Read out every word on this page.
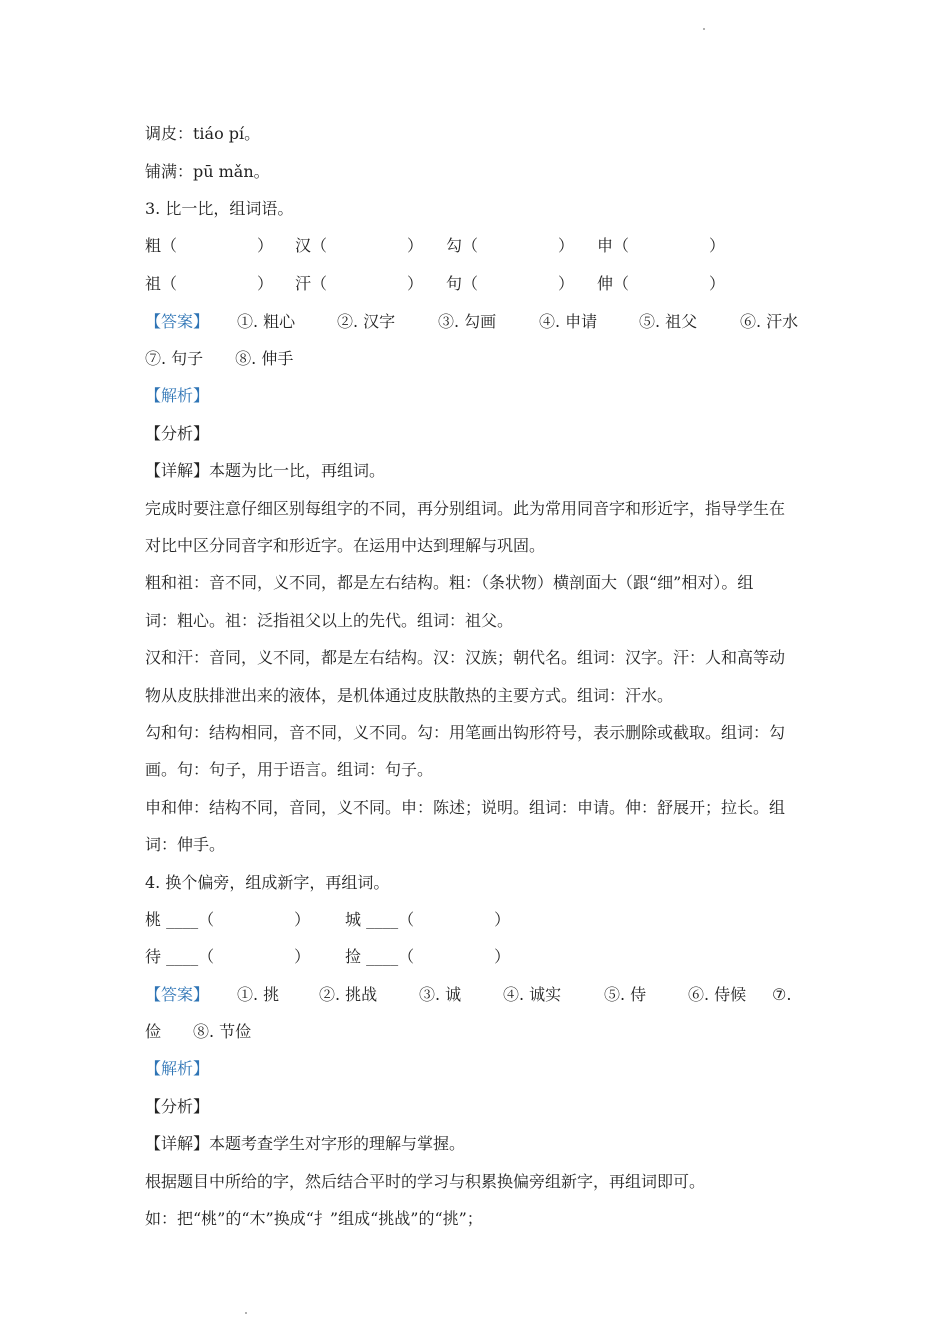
调皮：tiáo pí。
铺满：pū mǎn。
3. 比一比，组词语。
粗（　　　　　） 汉（　　　　　） 勾（　　　　　） 申（　　　　　）
祖（　　　　　） 汗（　　　　　） 句（　　　　　） 伸（　　　　　）
【答案】 ①. 粗心	②. 汉字	③. 勾画	④. 申请	⑤. 祖父	⑥. 汗水
⑦. 句子　　⑧. 伸手
【解析】
【分析】
【详解】本题为比一比，再组词。
完成时要注意仔细区别每组字的不同，再分别组词。此为常用同音字和形近字，指导学生在
对比中区分同音字和形近字。在运用中达到理解与巩固。
粗和祖：音不同，义不同，都是左右结构。粗：（条状物）横剖面大（跟“细”相对）。组
词：粗心。祖：泛指祖父以上的先代。组词：祖父。
汉和汗：音同，义不同，都是左右结构。汉：汉族；朝代名。组词：汉字。汗：人和高等动
物从皮肤排泄出来的液体，是机体通过皮肤散热的主要方式。组词：汗水。
勾和句：结构相同，音不同，义不同。勾：用笔画出钩形符号，表示删除或截取。组词：勾
画。句：句子，用于语言。组词：句子。
申和伸：结构不同，音同，义不同。申：陈述；说明。组词：申请。伸：舒展开；拉长。组
词：伸手。
4. 换个偏旁，组成新字，再组词。
桃 ____（　　　　　） 城 ____（　　　　　）
待 ____（　　　　　） 捡 ____（　　　　　）
【答案】 ①. 挑 ②. 挑战	③. 诚	④. 诚实	⑤. 侍	⑥. 侍候 ⑦.
俭　　⑧. 节俭
【解析】
【分析】
【详解】本题考查学生对字形的理解与掌握。
根据题目中所给的字，然后结合平时的学习与积累换偏旁组新字，再组词即可。
如：把“桃”的“木”换成“扌”组成“挑战”的“挑”；
